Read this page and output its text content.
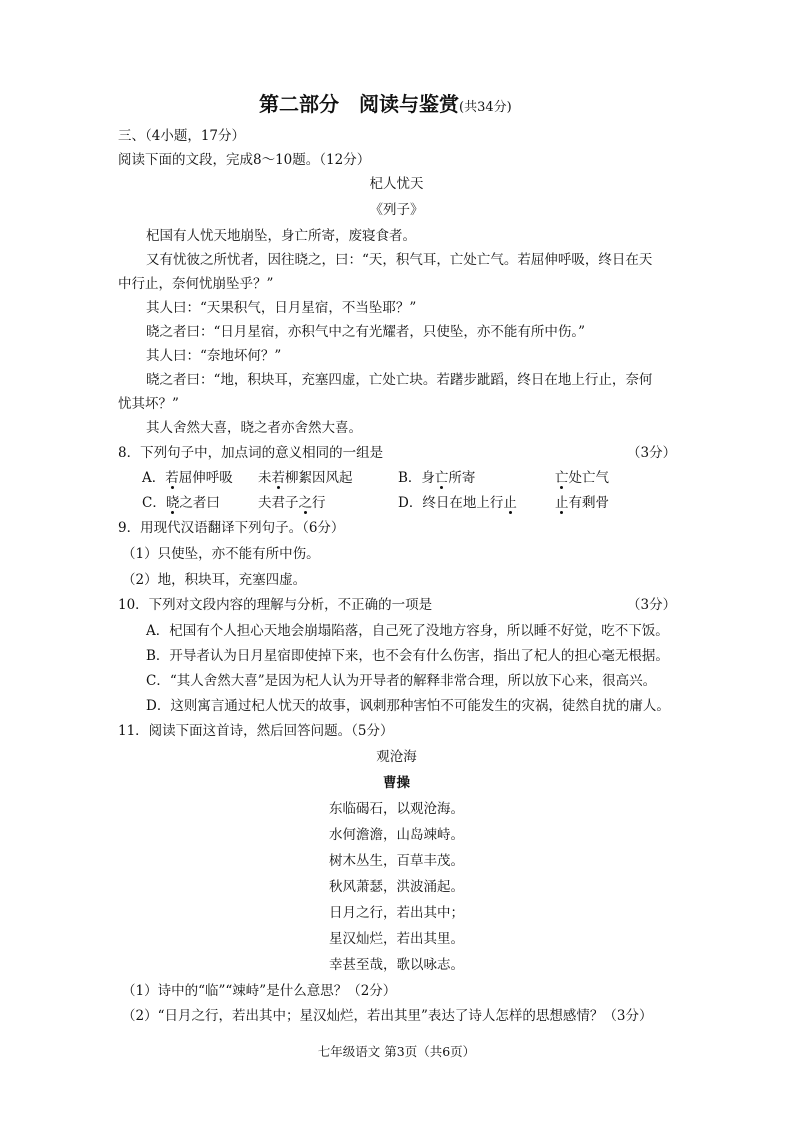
第二部分　阅读与鉴赏(共34分)
三、（4小题，17分）
阅读下面的文段，完成8～10题。（12分）
杞人忧天
《列子》
杞国有人忧天地崩坠，身亡所寄，废寝食者。
又有忧彼之所忧者，因往晓之，曰：“天，积气耳，亡处亡气。若屈伸呼吸，终日在天
中行止，奈何忧崩坠乎？”
其人曰：“天果积气，日月星宿，不当坠耶？”
晓之者曰：“日月星宿，亦积气中之有光耀者，只使坠，亦不能有所中伤。”
其人曰：“奈地坏何？”
晓之者曰：“地，积块耳，充塞四虚，亡处亡块。若躇步跐蹈，终日在地上行止，奈何
忧其坏？”
其人舍然大喜，晓之者亦舍然大喜。
8．下列句子中，加点词的意义相同的一组是	（3分）
A．若屈伸呼吸 未若柳絮因风起	B．身亡所寄	亡处亡气
C．晓之者曰	夫君子之行	D．终日在地上行止	止有剩骨
9．用现代汉语翻译下列句子。（6分）
（1）只使坠，亦不能有所中伤。
（2）地，积块耳，充塞四虚。
10．下列对文段内容的理解与分析，不正确的一项是	（3分）
A．杞国有个人担心天地会崩塌陷落，自己死了没地方容身，所以睡不好觉，吃不下饭。
B．开导者认为日月星宿即使掉下来，也不会有什么伤害，指出了杞人的担心毫无根据。
C．“其人舍然大喜”是因为杞人认为开导者的解释非常合理，所以放下心来，很高兴。
D．这则寓言通过杞人忧天的故事，讽刺那种害怕不可能发生的灾祸，徒然自扰的庸人。
11．阅读下面这首诗，然后回答问题。（5分）
观沧海
曹操
东临碣石，以观沧海。
水何澹澹，山岛竦峙。
树木丛生，百草丰茂。
秋风萧瑟，洪波涌起。
日月之行，若出其中；
星汉灿烂，若出其里。
幸甚至哉，歌以咏志。
（1）诗中的“临”“竦峙”是什么意思？（2分）
（2）“日月之行，若出其中；星汉灿烂，若出其里”表达了诗人怎样的思想感情？（3分）
七年级语文 第3页（共6页）
